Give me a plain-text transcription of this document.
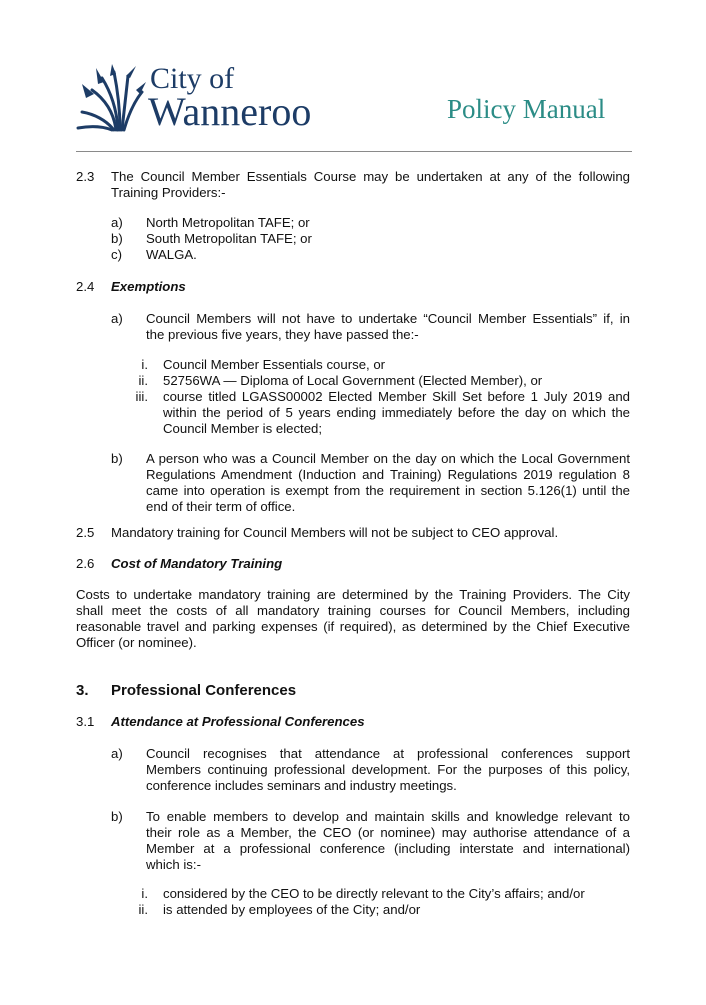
City of
Wanneroo	Policy Manual
2.3 The Council Member Essentials Course may be undertaken at any of the following
Training Providers:-
a) North Metropolitan TAFE; or
b) South Metropolitan TAFE; or
c) WALGA.
2.4 Exemptions
a) Council Members will not have to undertake “Council Member Essentials” if, in
the previous five years, they have passed the:-
i. Council Member Essentials course, or
ii. 52756WA — Diploma of Local Government (Elected Member), or
iii. course titled LGASS00002 Elected Member Skill Set before 1 July 2019 and
within the period of 5 years ending immediately before the day on which the
Council Member is elected;
b) A person who was a Council Member on the day on which the Local Government
Regulations Amendment (Induction and Training) Regulations 2019 regulation 8
came into operation is exempt from the requirement in section 5.126(1) until the
end of their term of office.
2.5 Mandatory training for Council Members will not be subject to CEO approval.
2.6 Cost of Mandatory Training
Costs to undertake mandatory training are determined by the Training Providers. The City
shall meet the costs of all mandatory training courses for Council Members, including
reasonable travel and parking expenses (if required), as determined by the Chief Executive
Officer (or nominee).
3. Professional Conferences
3.1 Attendance at Professional Conferences
a) Council recognises that attendance at professional conferences support
Members continuing professional development. For the purposes of this policy,
conference includes seminars and industry meetings.
b) To enable members to develop and maintain skills and knowledge relevant to
their role as a Member, the CEO (or nominee) may authorise attendance of a
Member at a professional conference (including interstate and international)
which is:-
i. considered by the CEO to be directly relevant to the City’s affairs; and/or
ii. is attended by employees of the City; and/or
